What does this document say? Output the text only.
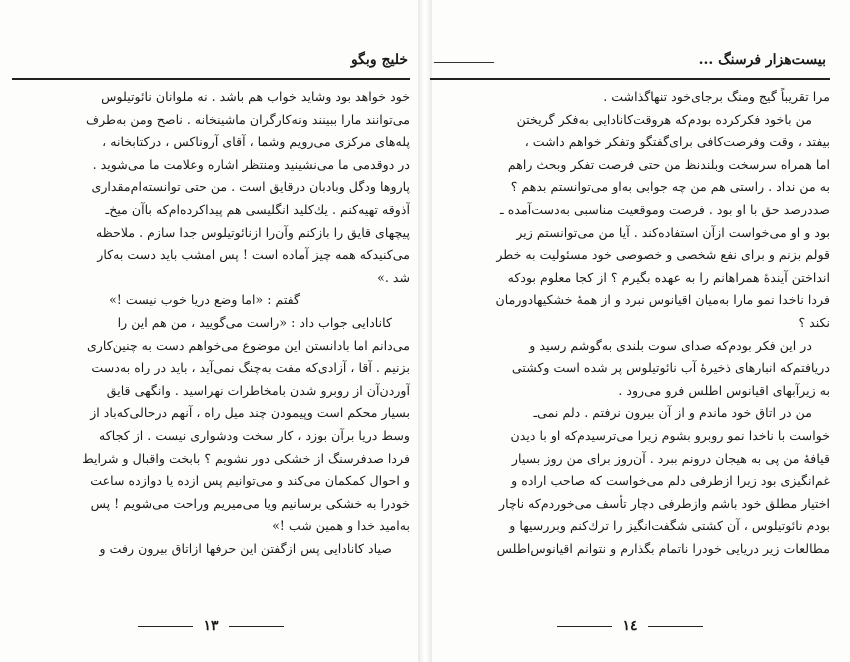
خلیج وبگو
خود خواهد بود وشاید خواب هم باشد . نه ملوانان نائوتیلوس
می‌توانند مارا ببینند ونه‌کارگران ماشینخانه . ناصح ومن به‌طرف
پله‌های مرکزی می‌رویم وشما ، آقای آروناکس ، درکتابخانه ،
در دوقدمی ما می‌نشینید ومنتظر اشاره وعلامت ما می‌شوید .
پاروها ودگل وبادبان درقایق است . من حتی توانسته‌ام‌مقداری
آذوقه تهیه‌کنم . یك‌کلید انگلیسی هم پیداکرده‌ام‌که باآن میخ‌ـ
پیچهای قایق را بازکنم وآن‌را ازنائوتیلوس جدا سازم . ملاحظه
می‌کنیدکه همه چیز آماده است ! پس امشب باید دست به‌کار
شد .»
گفتم : «اما وضع دریا خوب نیست !»
کانادایی جواب داد : «راست می‌گویید ، من هم این را
می‌دانم اما بادانستن این موضوع می‌خواهم دست به چنین‌کاری
بزنیم . آقا ، آزادی‌که مفت به‌چنگ نمی‌آید ، باید در راه به‌دست
آوردن‌آن از روبرو شدن بامخاطرات نهراسید . وانگهی قایق
بسیار محکم است وپیمودن چند میل راه ، آنهم درحالی‌که‌باد از
وسط دریا برآن بوزد ، کار سخت ودشواری نیست . از کجاکه
فردا صدفرسنگ از خشکی دور نشویم ؟ بابخت واقبال و شرایط
و احوال کمکمان می‌کند و می‌توانیم پس ازده یا دوازده ساعت
خودرا به خشکی برسانیم ویا می‌میریم وراحت می‌شویم ! پس
به‌امید خدا و همین شب !»
صیاد کانادایی پس ازگفتن این حرفها ازاتاق بیرون رفت و
۱۳
بیست‌هزار فرسنگ ...
مرا تقریباً گیج ومنگ برجای‌خود تنهاگذاشت .
من باخود فکرکرده بودم‌که هروقت‌کانادایی به‌فکر گریختن
بیفتد ، وقت وفرصت‌کافی برای‌گفتگو وتفکر خواهم داشت ،
اما همراه سرسخت وبلندنظ من حتی فرصت تفکر وبحث راهم
به من نداد . راستی هم من چه جوابی به‌او می‌توانستم بدهم ؟
صددرصد حق با او بود . فرصت وموقعیت مناسبی به‌دست‌آمده ـ
بود و او می‌خواست ازآن استفاده‌کند . آیا من می‌توانستم زیر
قولم بزنم و برای نفع شخصی و خصوصی خود مسئولیت به خطر
انداختن آیندهٔ همراهانم را به عهده بگیرم ؟ از کجا معلوم بودکه
فردا ناخدا نمو مارا به‌میان اقیانوس نبرد و از همهٔ خشکیهادورمان
نکند ؟
در این فکر بودم‌که صدای سوت بلندی به‌گوشم رسید و
دریافتم‌که انبارهای ذخیرهٔ آب نائوتیلوس پر شده است وکشتی
به زیرآبهای اقیانوس اطلس فرو می‌رود .
من در اتاق خود ماندم و از آن بیرون نرفتم . دلم نمی‌ـ
خواست با ناخدا نمو روبرو بشوم زیرا می‌ترسیدم‌که او با دیدن
قیافهٔ من پی به هیجان درونم ببرد . آن‌روز برای من روز بسیار
غم‌انگیزی بود زیرا ازطرفی دلم می‌خواست که صاحب اراده و
اختیار مطلق خود باشم وازطرفی دچار تأسف می‌خوردم‌که ناچار
بودم نائوتیلوس ، آن کشتی شگفت‌انگیز را ترك‌کنم وبررسیها و
مطالعات زیر دریایی خودرا ناتمام بگذارم و نتوانم اقیانوس‌اطلس
۱٤
